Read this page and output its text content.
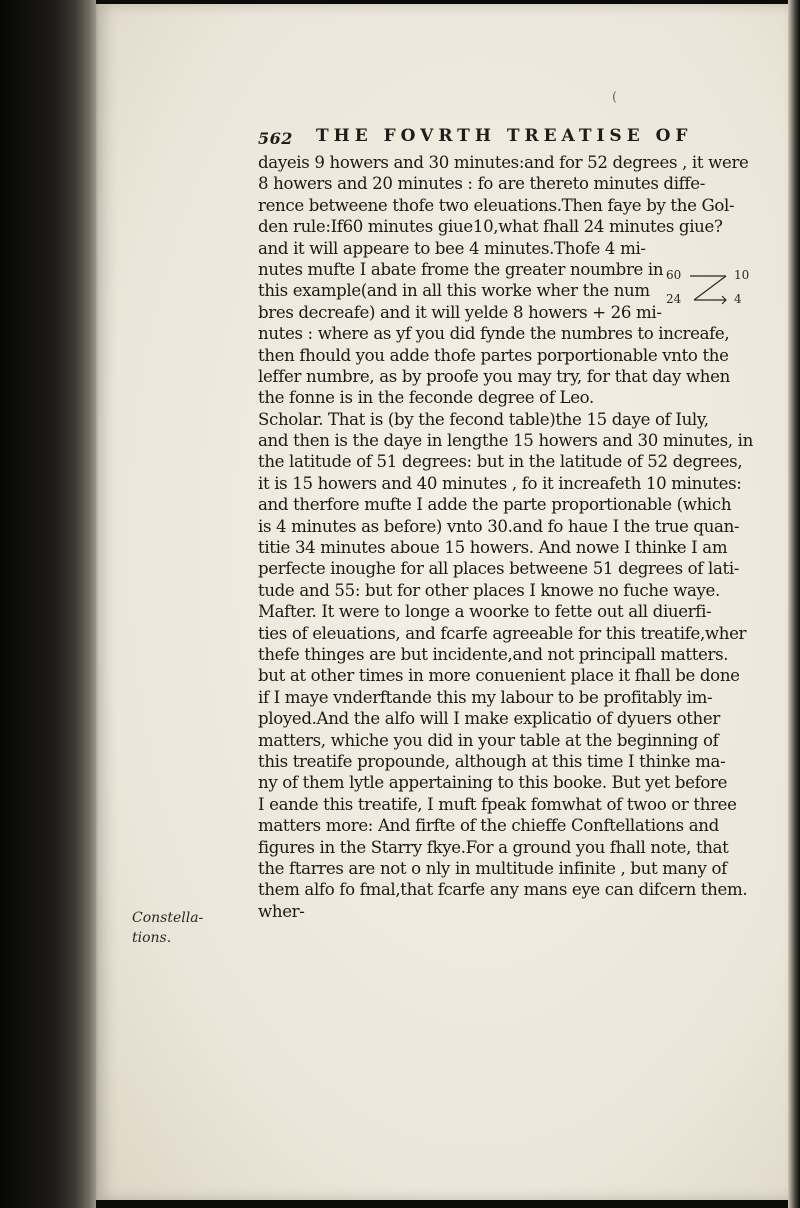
(
562 THE FOVRTH TREATISE OF
dayeis 9 howers and 30 minutes:and for 52 degrees , it were
8 howers and 20 minutes : fo are thereto minutes diffe-
rence betweene thofe two eleuations.Then faye by the Gol-
den rule:If60 minutes giue10,what fhall 24 minutes giue?
and it will appeare to bee 4 minutes.Thofe 4 mi-
nutes mufte I abate frome the greater noumbre in
this example(and in all this worke wher the num
bres decreafe) and it will yelde 8 howers + 26 mi-
nutes : where as yf you did fynde the numbres to increafe,
then fhould you adde thofe partes porportionable vnto the
leffer numbre, as by proofe you may try, for that day when
the fonne is in the feconde degree of Leo.
Scholar. That is (by the fecond table)the 15 daye of Iuly,
and then is the daye in lengthe 15 howers and 30 minutes, in
the latitude of 51 degrees: but in the latitude of 52 degrees,
it is 15 howers and 40 minutes , fo it increafeth 10 minutes:
and therfore mufte I adde the parte proportionable (which
is 4 minutes as before) vnto 30.and fo haue I the true quan-
titie 34 minutes aboue 15 howers. And nowe I thinke I am
perfecte inoughe for all places betweene 51 degrees of lati-
tude and 55: but for other places I knowe no fuche waye.
Mafter. It were to longe a woorke to fette out all diuerfi-
ties of eleuations, and fcarfe agreeable for this treatife,wher
thefe thinges are but incidente,and not principall matters.
but at other times in more conuenient place it fhall be done
if I maye vnderftande this my labour to be profitably im-
ployed.And the alfo will I make explicatio of dyuers other
matters, whiche you did in your table at the beginning of
this treatife propounde, although at this time I thinke ma-
ny of them lytle appertaining to this booke. But yet before
I eande this treatife, I muft fpeak fomwhat of twoo or three
matters more: And firfte of the chieffe Conftellations and
figures in the Starry fkye.For a ground you fhall note, that
the ftarres are not o nly in multitude infinite , but many of
them alfo fo fmal,that fcarfe any mans eye can difcern them.
wher-
60	10
24	4
Constella-
tions.
